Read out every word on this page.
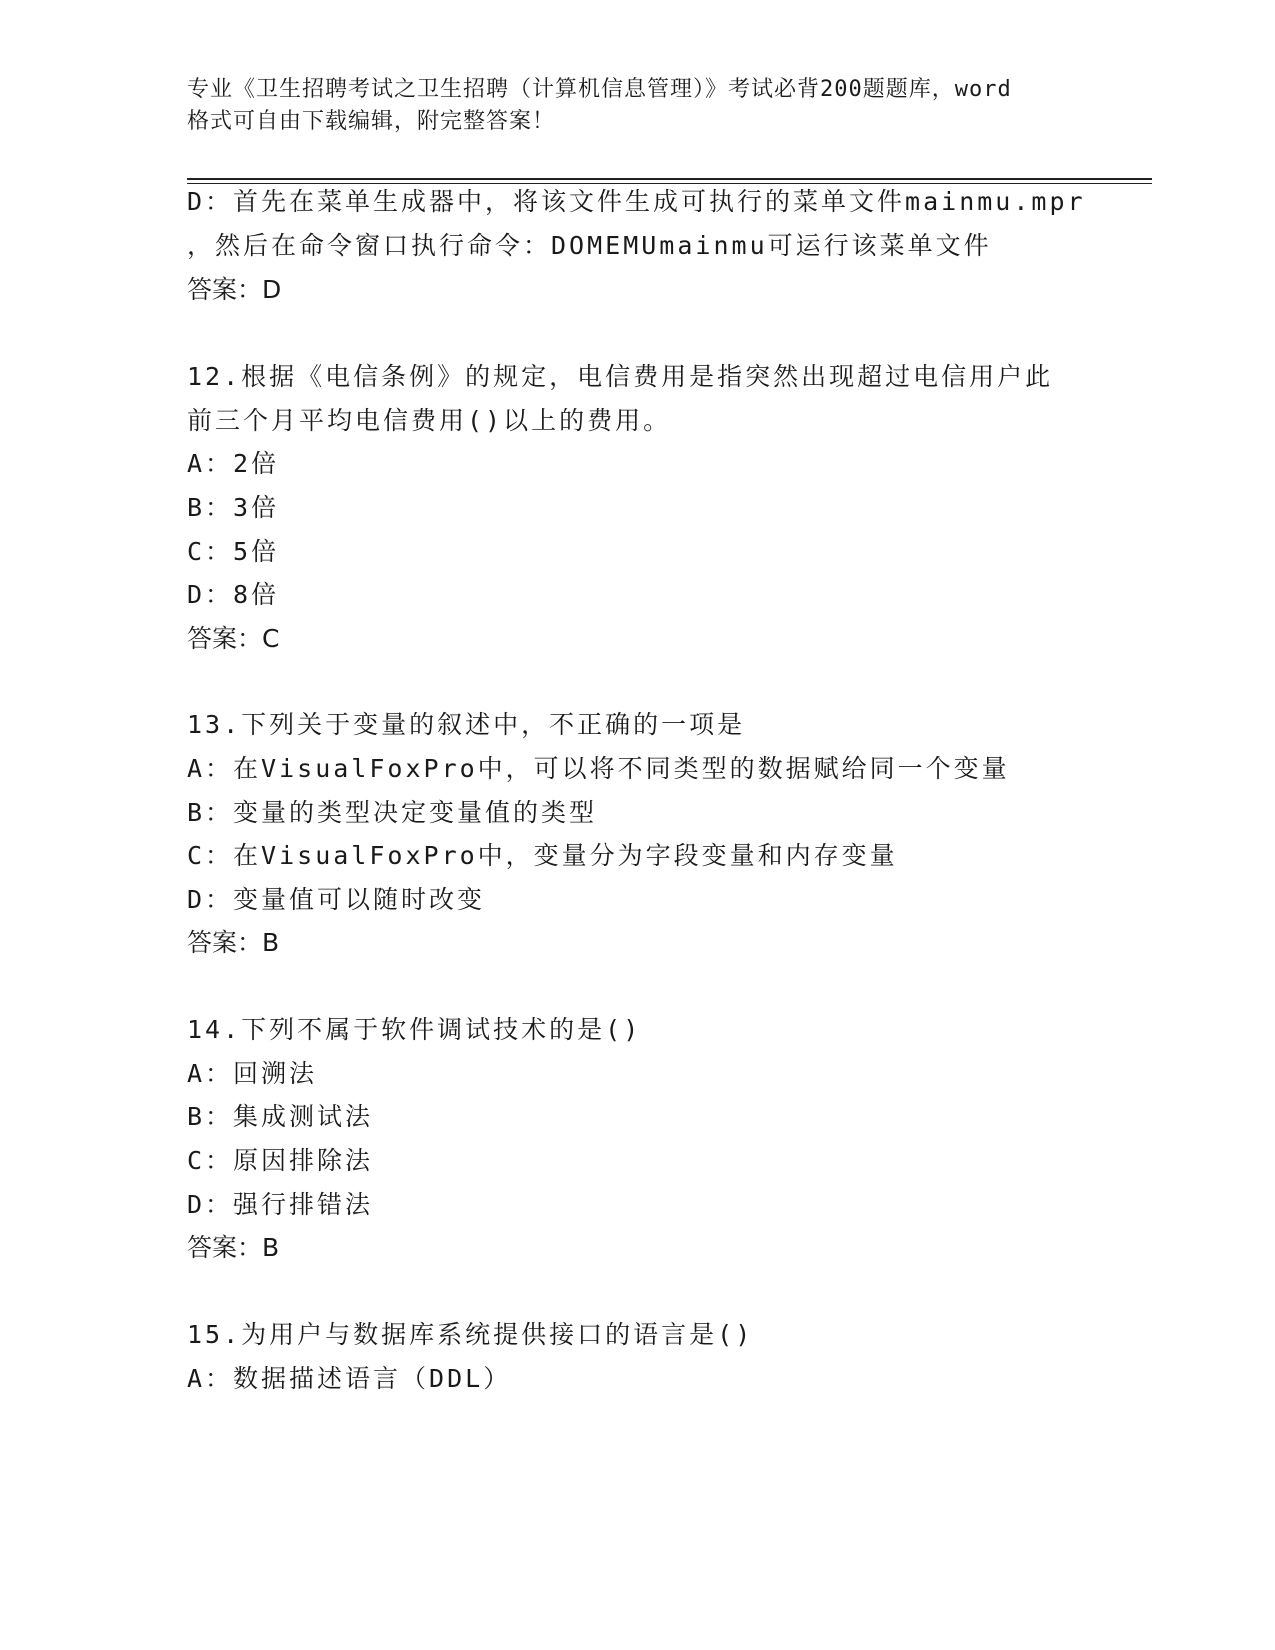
专业《卫生招聘考试之卫生招聘（计算机信息管理）》考试必背200题题库，word
格式可自由下载编辑，附完整答案！
D：首先在菜单生成器中，将该文件生成可执行的菜单文件mainmu.mpr
，然后在命令窗口执行命令：DOMEMUmainmu可运行该菜单文件
答案：D
12.根据《电信条例》的规定，电信费用是指突然出现超过电信用户此
前三个月平均电信费用()以上的费用。
A：2倍
B：3倍
C：5倍
D：8倍
答案：C
13.下列关于变量的叙述中，不正确的一项是
A：在VisualFoxPro中，可以将不同类型的数据赋给同一个变量
B：变量的类型决定变量值的类型
C：在VisualFoxPro中，变量分为字段变量和内存变量
D：变量值可以随时改变
答案：B
14.下列不属于软件调试技术的是()
A：回溯法
B：集成测试法
C：原因排除法
D：强行排错法
答案：B
15.为用户与数据库系统提供接口的语言是()
A：数据描述语言（DDL）
